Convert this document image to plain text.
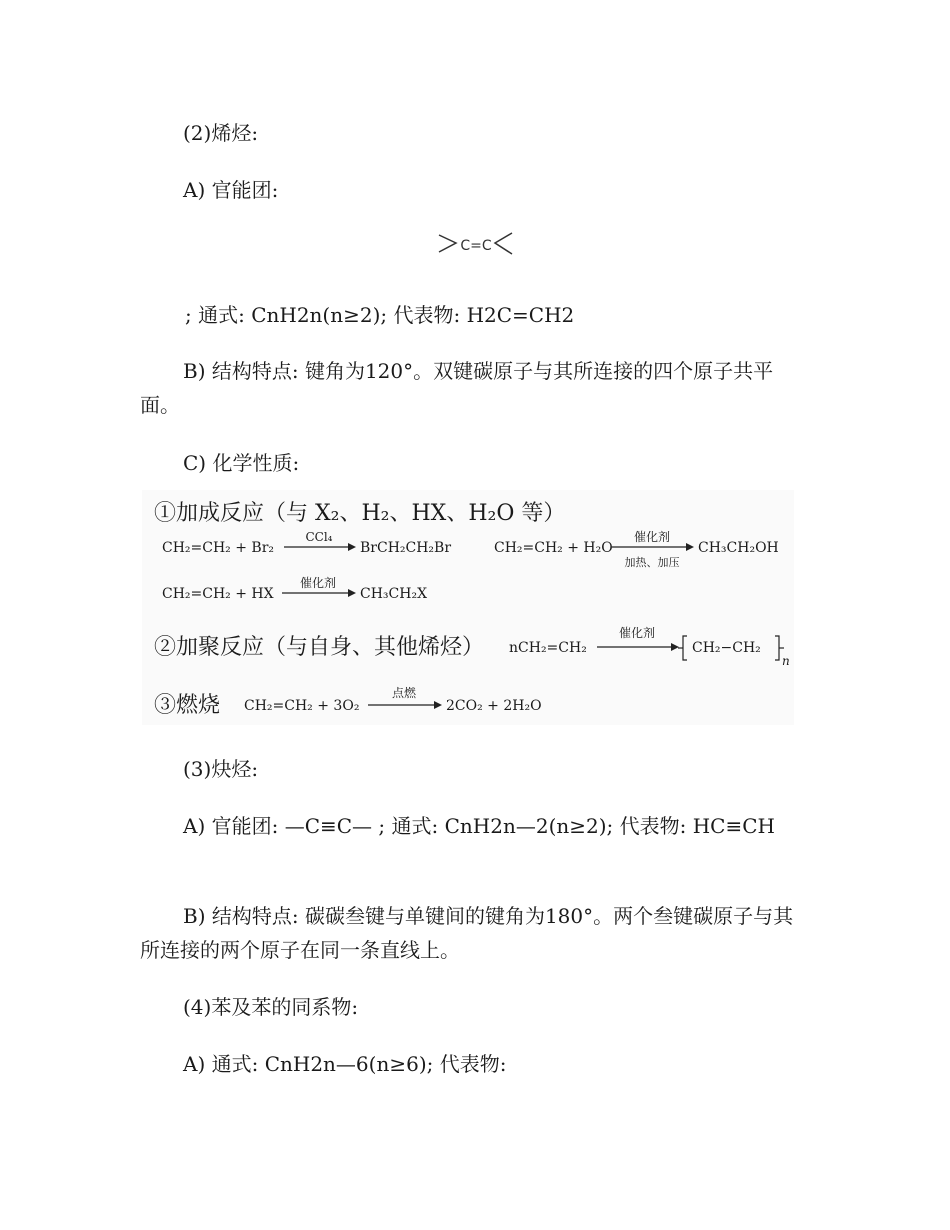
(2)烯烃:
A) 官能团:
C=C
; 通式: CnH2n(n≥2); 代表物: H2C=CH2
B) 结构特点: 键角为120°。双键碳原子与其所连接的四个原子共平面。
C) 化学性质:
①加成反应（与 X₂、H₂、HX、H₂O 等）
CH₂=CH₂ + Br₂
CCl₄
BrCH₂CH₂Br	CH₂=CH₂ + H₂O
催化剂
加热、加压
CH₃CH₂OH
CH₂=CH₂ + HX
催化剂
CH₃CH₂X
②加聚反应（与自身、其他烯烃） nCH₂=CH₂
催化剂
CH₂−CH₂
n
③燃烧 CH₂=CH₂ + 3O₂
点燃
2CO₂ + 2H₂O
(3)炔烃:
A) 官能团: —C≡C— ; 通式: CnH2n—2(n≥2); 代表物: HC≡CH
B) 结构特点: 碳碳叁键与单键间的键角为180°。两个叁键碳原子与其所连接的两个原子在同一条直线上。
(4)苯及苯的同系物:
A) 通式: CnH2n—6(n≥6); 代表物:
